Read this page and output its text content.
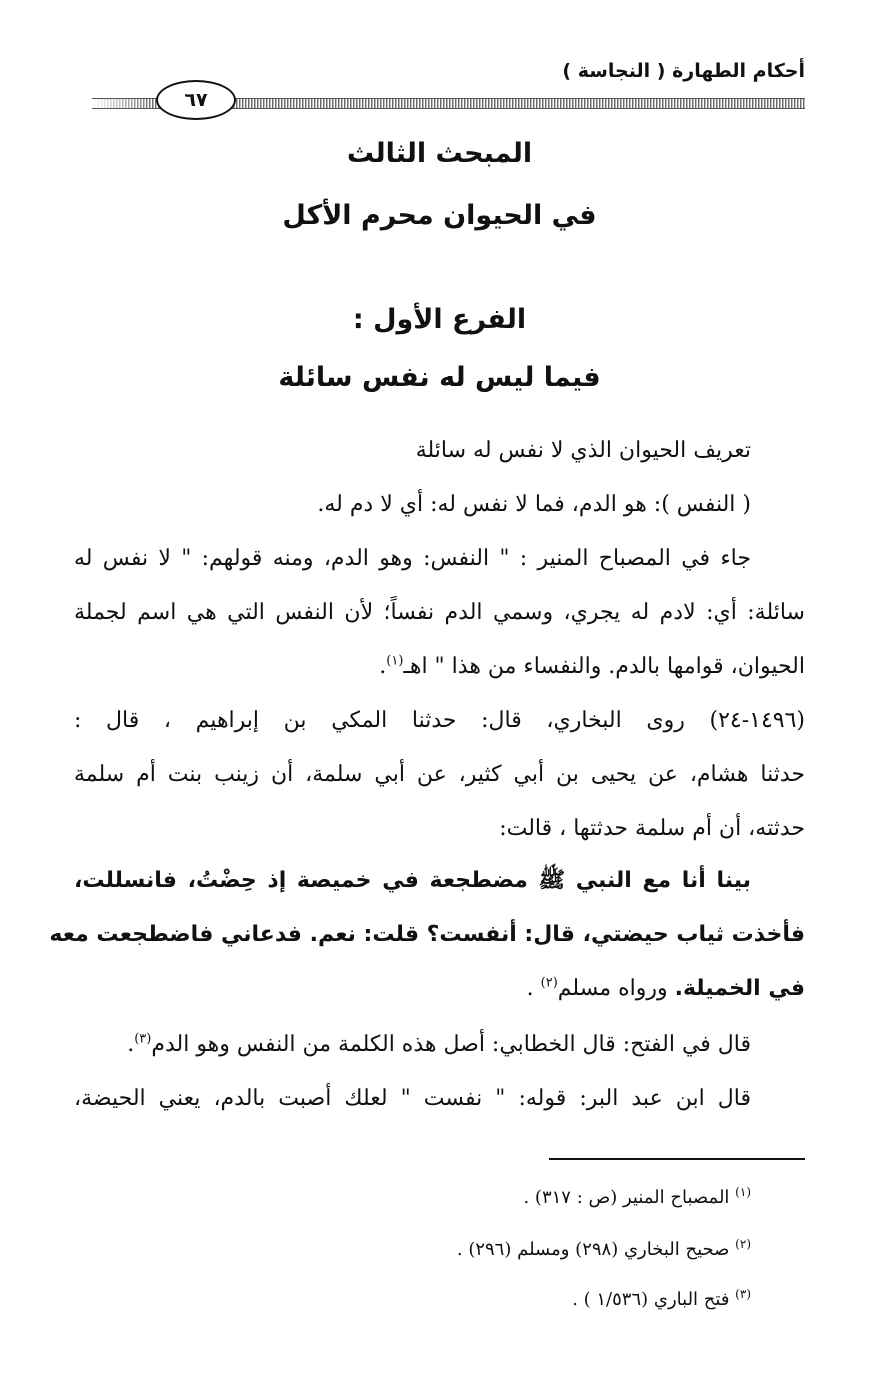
أحكام الطهارة ( النجاسة )
٦٧
المبحث الثالث
في الحيوان محرم الأكل
الفرع الأول :
فيما ليس له نفس سائلة
تعريف الحيوان الذي لا نفس له سائلة
( النفس ): هو الدم، فما لا نفس له: أي لا دم له.
جاء في المصباح المنير : " النفس: وهو الدم، ومنه قولهم: " لا نفس له
سائلة: أي: لادم له يجري، وسمي الدم نفساً؛ لأن النفس التي هي اسم لجملة
الحيوان، قوامها بالدم. والنفساء من هذا " اهـ$^{(١)}$.
(١٤٩٦-٢٤) روى البخاري، قال: حدثنا المكي بن إبراهيم ، قال :
حدثنا هشام، عن يحيى بن أبي كثير، عن أبي سلمة، أن زينب بنت أم سلمة
حدثته، أن أم سلمة حدثتها ، قالت:
بينا أنا مع النبي ﷺ مضطجعة في خميصة إذ حِضْتُ، فانسللت،
فأخذت ثياب حيضتي، قال: أنفست؟ قلت: نعم. فدعاني فاضطجعت معه
في الخميلة. ورواه مسلم$^{(٢)}$ .
قال في الفتح: قال الخطابي: أصل هذه الكلمة من النفس وهو الدم$^{(٣)}$.
قال ابن عبد البر: قوله: " نفست " لعلك أصبت بالدم، يعني الحيضة،
$^{(١)}$ المصباح المنير (ص : ٣١٧) .
$^{(٢)}$ صحيح البخاري (٢٩٨) ومسلم (٢٩٦) .
$^{(٣)}$ فتح الباري (١/٥٣٦ ) .
